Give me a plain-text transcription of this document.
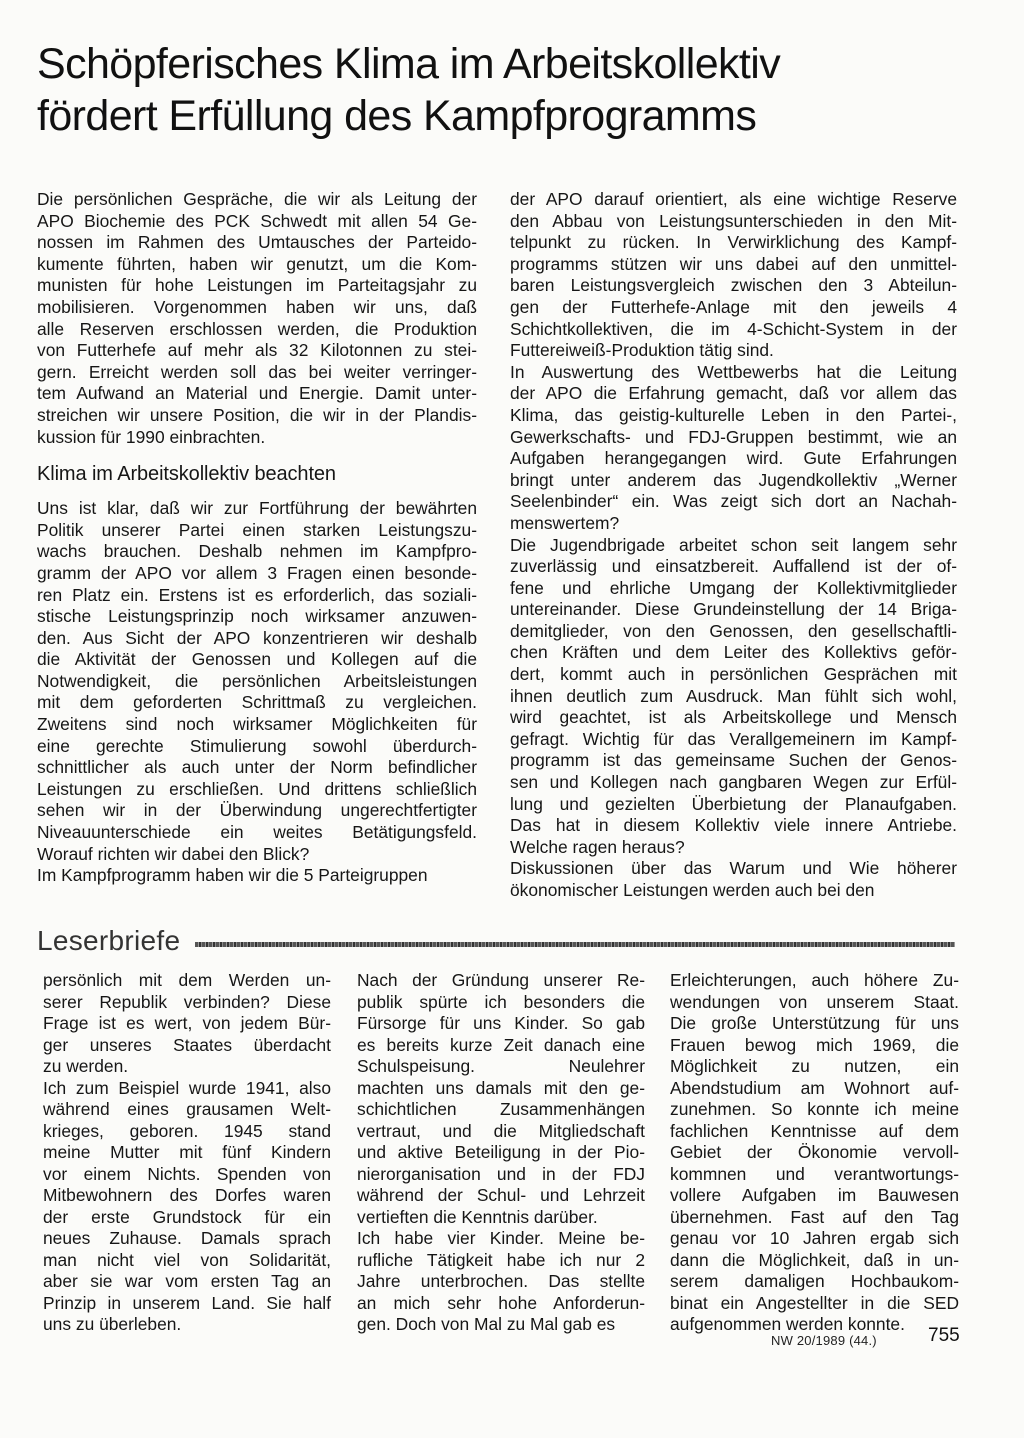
Schöpferisches Klima im Arbeitskollektiv
fördert Erfüllung des Kampfprogramms
Die persönlichen Gespräche, die wir als Leitung der
APO Biochemie des PCK Schwedt mit allen 54 Ge-
nossen im Rahmen des Umtausches der Parteido-
kumente führten, haben wir genutzt, um die Kom-
munisten für hohe Leistungen im Parteitagsjahr zu
mobilisieren. Vorgenommen haben wir uns, daß
alle Reserven erschlossen werden, die Produktion
von Futterhefe auf mehr als 32 Kilotonnen zu stei-
gern. Erreicht werden soll das bei weiter verringer-
tem Aufwand an Material und Energie. Damit unter-
streichen wir unsere Position, die wir in der Plandis-
kussion für 1990 einbrachten.
Klima im Arbeitskollektiv beachten
Uns ist klar, daß wir zur Fortführung der bewährten
Politik unserer Partei einen starken Leistungszu-
wachs brauchen. Deshalb nehmen im Kampfpro-
gramm der APO vor allem 3 Fragen einen besonde-
ren Platz ein. Erstens ist es erforderlich, das soziali-
stische Leistungsprinzip noch wirksamer anzuwen-
den. Aus Sicht der APO konzentrieren wir deshalb
die Aktivität der Genossen und Kollegen auf die
Notwendigkeit, die persönlichen Arbeitsleistungen
mit dem geforderten Schrittmaß zu vergleichen.
Zweitens sind noch wirksamer Möglichkeiten für
eine gerechte Stimulierung sowohl überdurch-
schnittlicher als auch unter der Norm befindlicher
Leistungen zu erschließen. Und drittens schließlich
sehen wir in der Überwindung ungerechtfertigter
Niveauunterschiede ein weites Betätigungsfeld.
Worauf richten wir dabei den Blick?
Im Kampfprogramm haben wir die 5 Parteigruppen
der APO darauf orientiert, als eine wichtige Reserve
den Abbau von Leistungsunterschieden in den Mit-
telpunkt zu rücken. In Verwirklichung des Kampf-
programms stützen wir uns dabei auf den unmittel-
baren Leistungsvergleich zwischen den 3 Abteilun-
gen der Futterhefe-Anlage mit den jeweils 4
Schichtkollektiven, die im 4-Schicht-System in der
Futtereiweiß-Produktion tätig sind.
In Auswertung des Wettbewerbs hat die Leitung
der APO die Erfahrung gemacht, daß vor allem das
Klima, das geistig-kulturelle Leben in den Partei-,
Gewerkschafts- und FDJ-Gruppen bestimmt, wie an
Aufgaben herangegangen wird. Gute Erfahrungen
bringt unter anderem das Jugendkollektiv „Werner
Seelenbinder“ ein. Was zeigt sich dort an Nachah-
menswertem?
Die Jugendbrigade arbeitet schon seit langem sehr
zuverlässig und einsatzbereit. Auffallend ist der of-
fene und ehrliche Umgang der Kollektivmitglieder
untereinander. Diese Grundeinstellung der 14 Briga-
demitglieder, von den Genossen, den gesellschaftli-
chen Kräften und dem Leiter des Kollektivs geför-
dert, kommt auch in persönlichen Gesprächen mit
ihnen deutlich zum Ausdruck. Man fühlt sich wohl,
wird geachtet, ist als Arbeitskollege und Mensch
gefragt. Wichtig für das Verallgemeinern im Kampf-
programm ist das gemeinsame Suchen der Genos-
sen und Kollegen nach gangbaren Wegen zur Erfül-
lung und gezielten Überbietung der Planaufgaben.
Das hat in diesem Kollektiv viele innere Antriebe.
Welche ragen heraus?
Diskussionen über das Warum und Wie höherer
ökonomischer Leistungen werden auch bei den
Leserbriefe
persönlich mit dem Werden un-
serer Republik verbinden? Diese
Frage ist es wert, von jedem Bür-
ger unseres Staates überdacht
zu werden.
Ich zum Beispiel wurde 1941, also
während eines grausamen Welt-
krieges, geboren. 1945 stand
meine Mutter mit fünf Kindern
vor einem Nichts. Spenden von
Mitbewohnern des Dorfes waren
der erste Grundstock für ein
neues Zuhause. Damals sprach
man nicht viel von Solidarität,
aber sie war vom ersten Tag an
Prinzip in unserem Land. Sie half
uns zu überleben.
Nach der Gründung unserer Re-
publik spürte ich besonders die
Fürsorge für uns Kinder. So gab
es bereits kurze Zeit danach eine
Schulspeisung. Neulehrer
machten uns damals mit den ge-
schichtlichen Zusammenhängen
vertraut, und die Mitgliedschaft
und aktive Beteiligung in der Pio-
nierorganisation und in der FDJ
während der Schul- und Lehrzeit
vertieften die Kenntnis darüber.
Ich habe vier Kinder. Meine be-
rufliche Tätigkeit habe ich nur 2
Jahre unterbrochen. Das stellte
an mich sehr hohe Anforderun-
gen. Doch von Mal zu Mal gab es
Erleichterungen, auch höhere Zu-
wendungen von unserem Staat.
Die große Unterstützung für uns
Frauen bewog mich 1969, die
Möglichkeit zu nutzen, ein
Abendstudium am Wohnort auf-
zunehmen. So konnte ich meine
fachlichen Kenntnisse auf dem
Gebiet der Ökonomie vervoll-
kommnen und verantwortungs-
vollere Aufgaben im Bauwesen
übernehmen. Fast auf den Tag
genau vor 10 Jahren ergab sich
dann die Möglichkeit, daß in un-
serem damaligen Hochbaukom-
binat ein Angestellter in die SED
aufgenommen werden konnte.
NW 20/1989 (44.)	755
